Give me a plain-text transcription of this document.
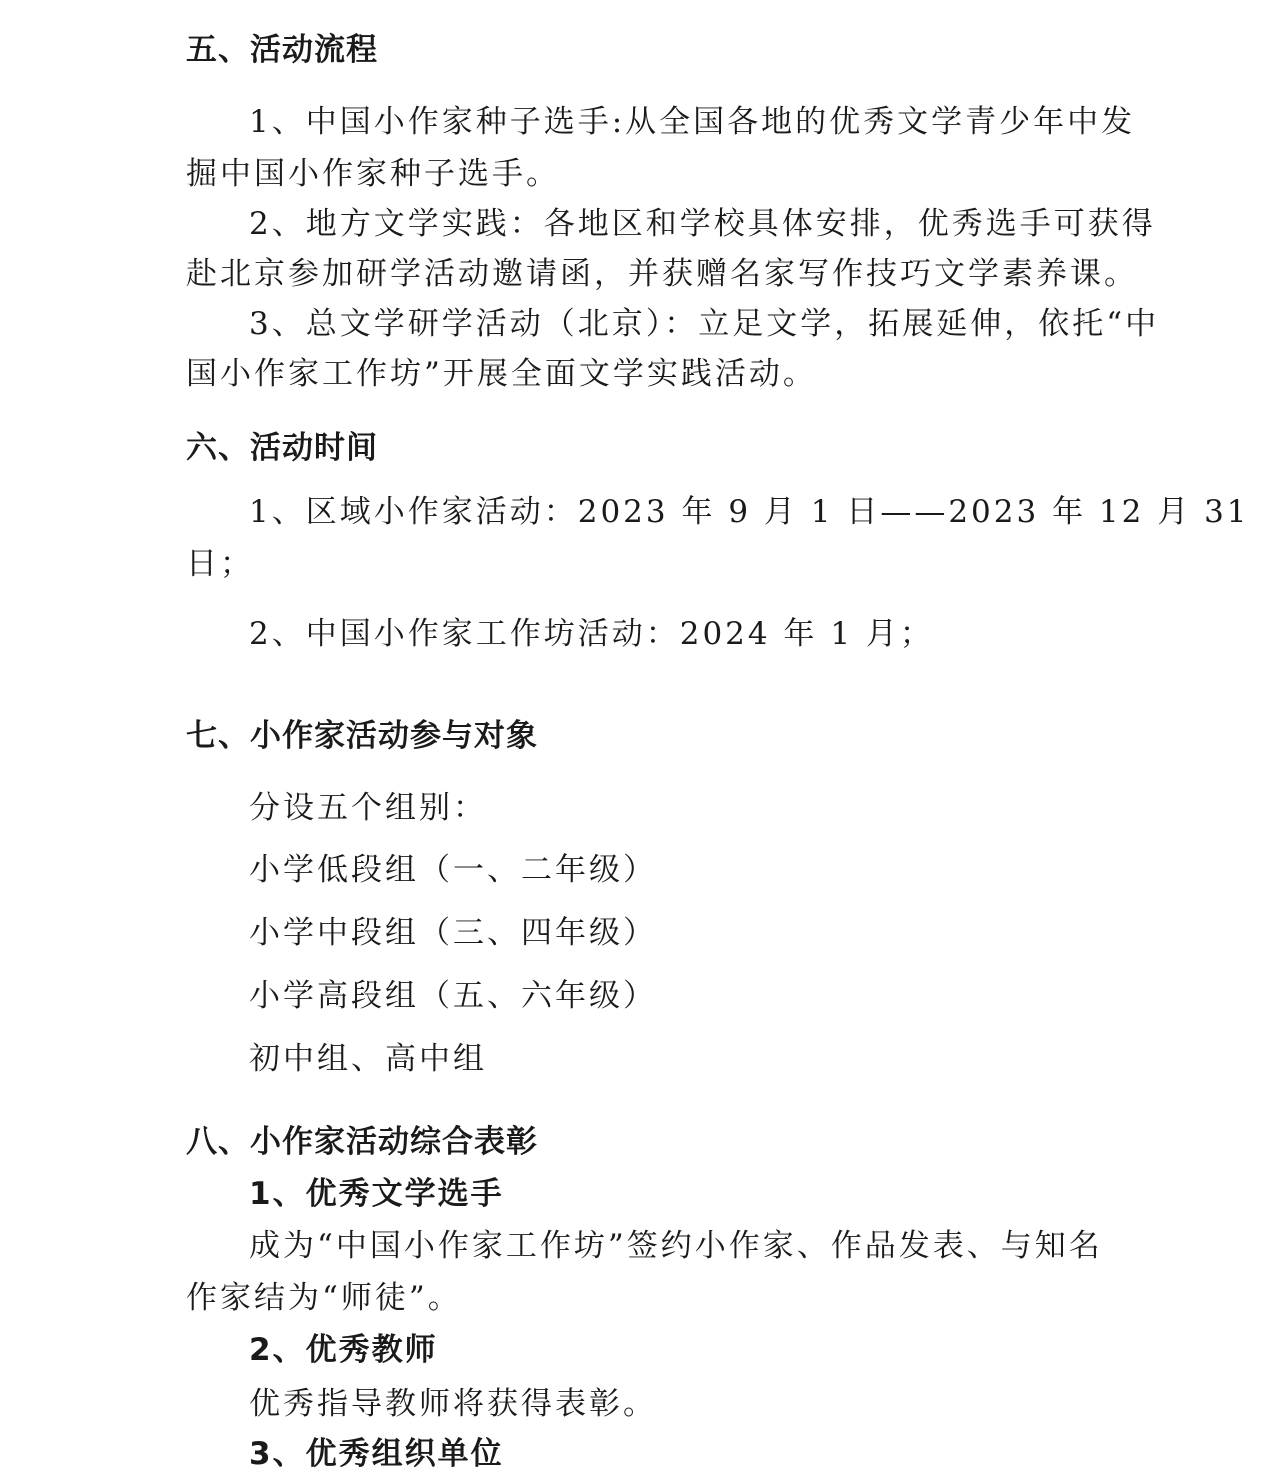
五、活动流程
1、中国小作家种子选手:从全国各地的优秀文学青少年中发
掘中国小作家种子选手。
2、地方文学实践：各地区和学校具体安排，优秀选手可获得
赴北京参加研学活动邀请函，并获赠名家写作技巧文学素养课。
3、总文学研学活动（北京）：立足文学，拓展延伸，依托“中
国小作家工作坊”开展全面文学实践活动。
六、活动时间
1、区域小作家活动：2023 年 9 月 1 日——2023 年 12 月 31
日；
2、中国小作家工作坊活动：2024 年 1 月；
七、小作家活动参与对象
分设五个组别：
小学低段组（一、二年级）
小学中段组（三、四年级）
小学高段组（五、六年级）
初中组、高中组
八、小作家活动综合表彰
1、优秀文学选手
成为“中国小作家工作坊”签约小作家、作品发表、与知名
作家结为“师徒”。
2、优秀教师
优秀指导教师将获得表彰。
3、优秀组织单位
